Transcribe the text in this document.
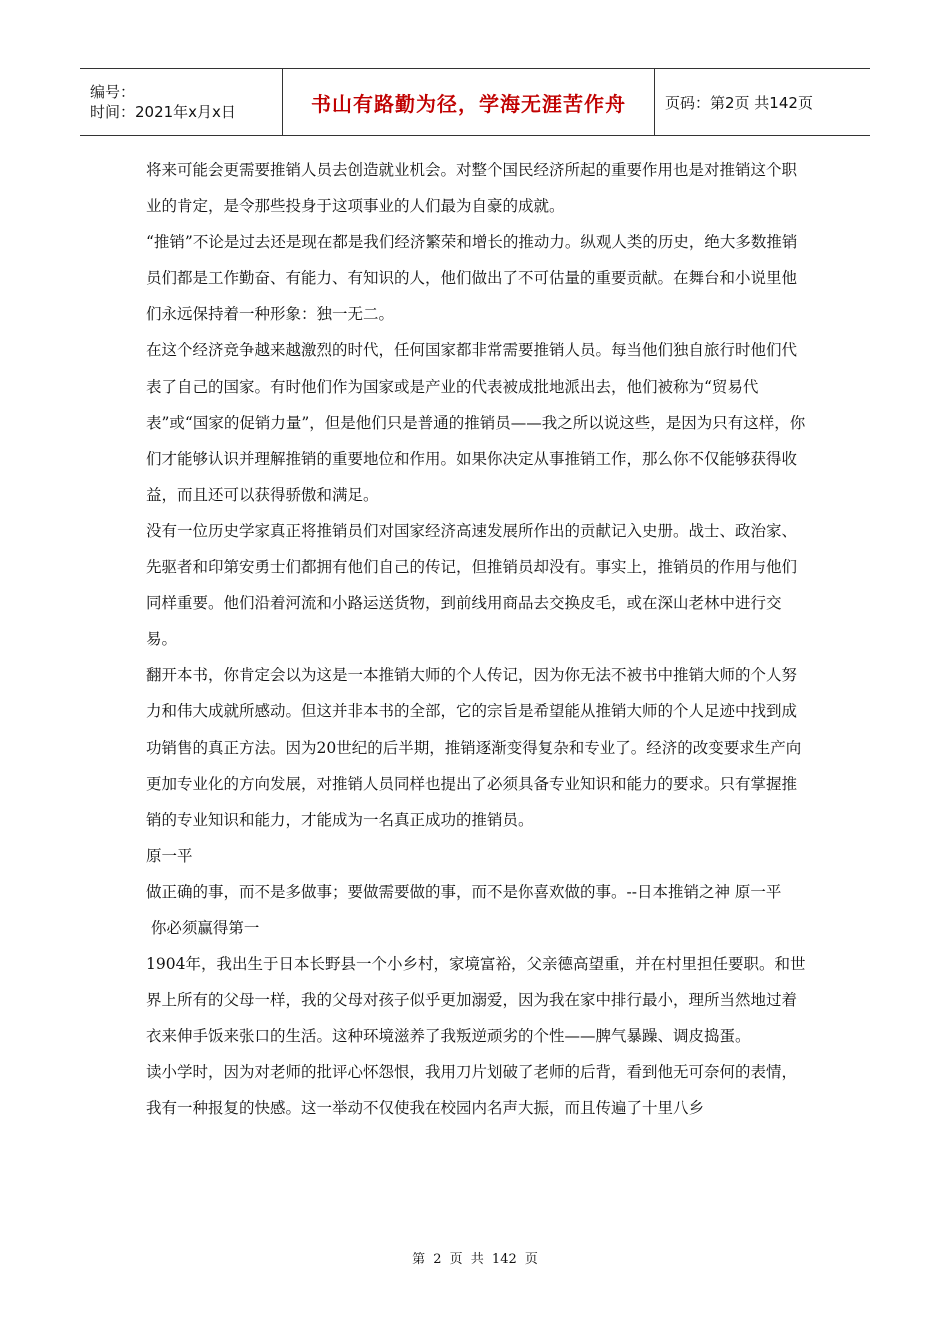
编号：
时间：2021年x月x日	书山有路勤为径，学海无涯苦作舟	页码：第2页 共142页

将来可能会更需要推销人员去创造就业机会。对整个国民经济所起的重要作用也是对推销这个职业的肯定，是令那些投身于这项事业的人们最为自豪的成就。

“推销”不论是过去还是现在都是我们经济繁荣和增长的推动力。纵观人类的历史，绝大多数推销员们都是工作勤奋、有能力、有知识的人，他们做出了不可估量的重要贡献。在舞台和小说里他们永远保持着一种形象：独一无二。

在这个经济竞争越来越激烈的时代，任何国家都非常需要推销人员。每当他们独自旅行时他们代表了自己的国家。有时他们作为国家或是产业的代表被成批地派出去，他们被称为“贸易代表”或“国家的促销力量”，但是他们只是普通的推销员——我之所以说这些，是因为只有这样，你们才能够认识并理解推销的重要地位和作用。如果你决定从事推销工作，那么你不仅能够获得收益，而且还可以获得骄傲和满足。

没有一位历史学家真正将推销员们对国家经济高速发展所作出的贡献记入史册。战士、政治家、先驱者和印第安勇士们都拥有他们自己的传记，但推销员却没有。事实上，推销员的作用与他们同样重要。他们沿着河流和小路运送货物，到前线用商品去交换皮毛，或在深山老林中进行交易。

翻开本书，你肯定会以为这是一本推销大师的个人传记，因为你无法不被书中推销大师的个人努力和伟大成就所感动。但这并非本书的全部，它的宗旨是希望能从推销大师的个人足迹中找到成功销售的真正方法。因为20世纪的后半期，推销逐渐变得复杂和专业了。经济的改变要求生产向更加专业化的方向发展，对推销人员同样也提出了必须具备专业知识和能力的要求。只有掌握推销的专业知识和能力，才能成为一名真正成功的推销员。

原一平

做正确的事，而不是多做事；要做需要做的事，而不是你喜欢做的事。--日本推销之神 原一平

你必须赢得第一

1904年，我出生于日本长野县一个小乡村，家境富裕，父亲德高望重，并在村里担任要职。和世界上所有的父母一样，我的父母对孩子似乎更加溺爱，因为我在家中排行最小，理所当然地过着衣来伸手饭来张口的生活。这种环境滋养了我叛逆顽劣的个性——脾气暴躁、调皮捣蛋。

读小学时，因为对老师的批评心怀怨恨，我用刀片划破了老师的后背，看到他无可奈何的表情，我有一种报复的快感。这一举动不仅使我在校园内名声大振，而且传遍了十里八乡

第 2 页 共 142 页
